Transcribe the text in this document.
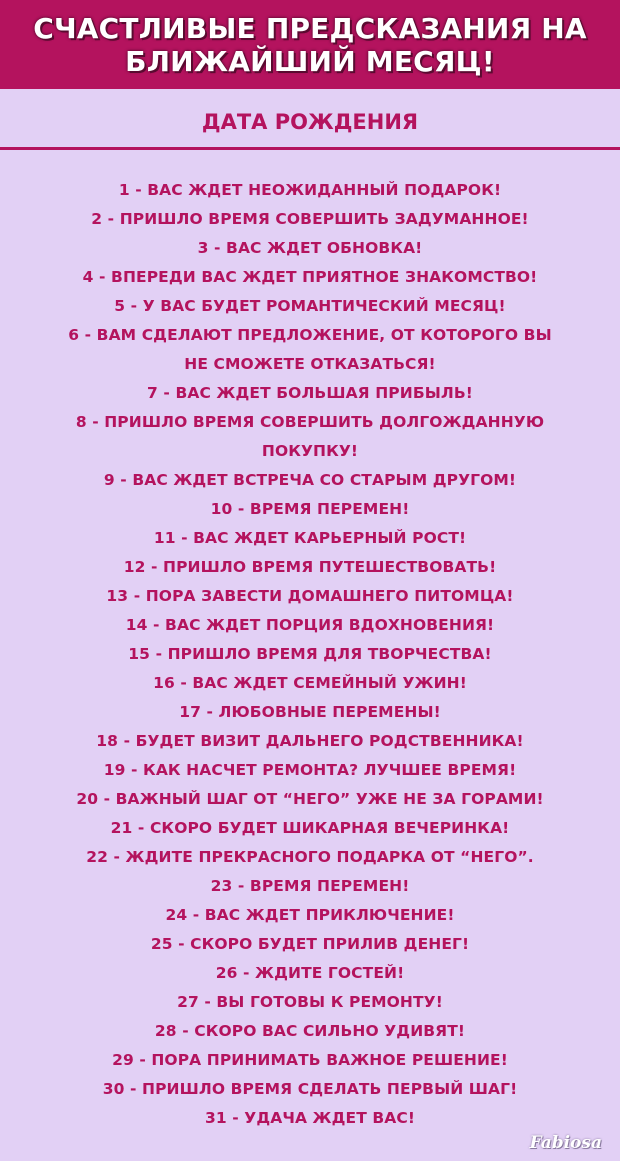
СЧАСТЛИВЫЕ ПРЕДСКАЗАНИЯ НА
БЛИЖАЙШИЙ МЕСЯЦ!
ДАТА РОЖДЕНИЯ
1 - ВАС ЖДЕТ НЕОЖИДАННЫЙ ПОДАРОК!
2 - ПРИШЛО ВРЕМЯ СОВЕРШИТЬ ЗАДУМАННОЕ!
3 - ВАС ЖДЕТ ОБНОВКА!
4 - ВПЕРЕДИ ВАС ЖДЕТ ПРИЯТНОЕ ЗНАКОМСТВО!
5 - У ВАС БУДЕТ РОМАНТИЧЕСКИЙ МЕСЯЦ!
6 - ВАМ СДЕЛАЮТ ПРЕДЛОЖЕНИЕ, ОТ КОТОРОГО ВЫ
НЕ СМОЖЕТЕ ОТКАЗАТЬСЯ!
7 - ВАС ЖДЕТ БОЛЬШАЯ ПРИБЫЛЬ!
8 - ПРИШЛО ВРЕМЯ СОВЕРШИТЬ ДОЛГОЖДАННУЮ
ПОКУПКУ!
9 - ВАС ЖДЕТ ВСТРЕЧА СО СТАРЫМ ДРУГОМ!
10 - ВРЕМЯ ПЕРЕМЕН!
11 - ВАС ЖДЕТ КАРЬЕРНЫЙ РОСТ!
12 - ПРИШЛО ВРЕМЯ ПУТЕШЕСТВОВАТЬ!
13 - ПОРА ЗАВЕСТИ ДОМАШНЕГО ПИТОМЦА!
14 - ВАС ЖДЕТ ПОРЦИЯ ВДОХНОВЕНИЯ!
15 - ПРИШЛО ВРЕМЯ ДЛЯ ТВОРЧЕСТВА!
16 - ВАС ЖДЕТ СЕМЕЙНЫЙ УЖИН!
17 - ЛЮБОВНЫЕ ПЕРЕМЕНЫ!
18 - БУДЕТ ВИЗИТ ДАЛЬНЕГО РОДСТВЕННИКА!
19 - КАК НАСЧЕТ РЕМОНТА? ЛУЧШЕЕ ВРЕМЯ!
20 - ВАЖНЫЙ ШАГ ОТ “НЕГО” УЖЕ НЕ ЗА ГОРАМИ!
21 - СКОРО БУДЕТ ШИКАРНАЯ ВЕЧЕРИНКА!
22 - ЖДИТЕ ПРЕКРАСНОГО ПОДАРКА ОТ “НЕГО”.
23 - ВРЕМЯ ПЕРЕМЕН!
24 - ВАС ЖДЕТ ПРИКЛЮЧЕНИЕ!
25 - СКОРО БУДЕТ ПРИЛИВ ДЕНЕГ!
26 - ЖДИТЕ ГОСТЕЙ!
27 - ВЫ ГОТОВЫ К РЕМОНТУ!
28 - СКОРО ВАС СИЛЬНО УДИВЯТ!
29 - ПОРА ПРИНИМАТЬ ВАЖНОЕ РЕШЕНИЕ!
30 - ПРИШЛО ВРЕМЯ СДЕЛАТЬ ПЕРВЫЙ ШАГ!
31 - УДАЧА ЖДЕТ ВАС!
Fabiosa
